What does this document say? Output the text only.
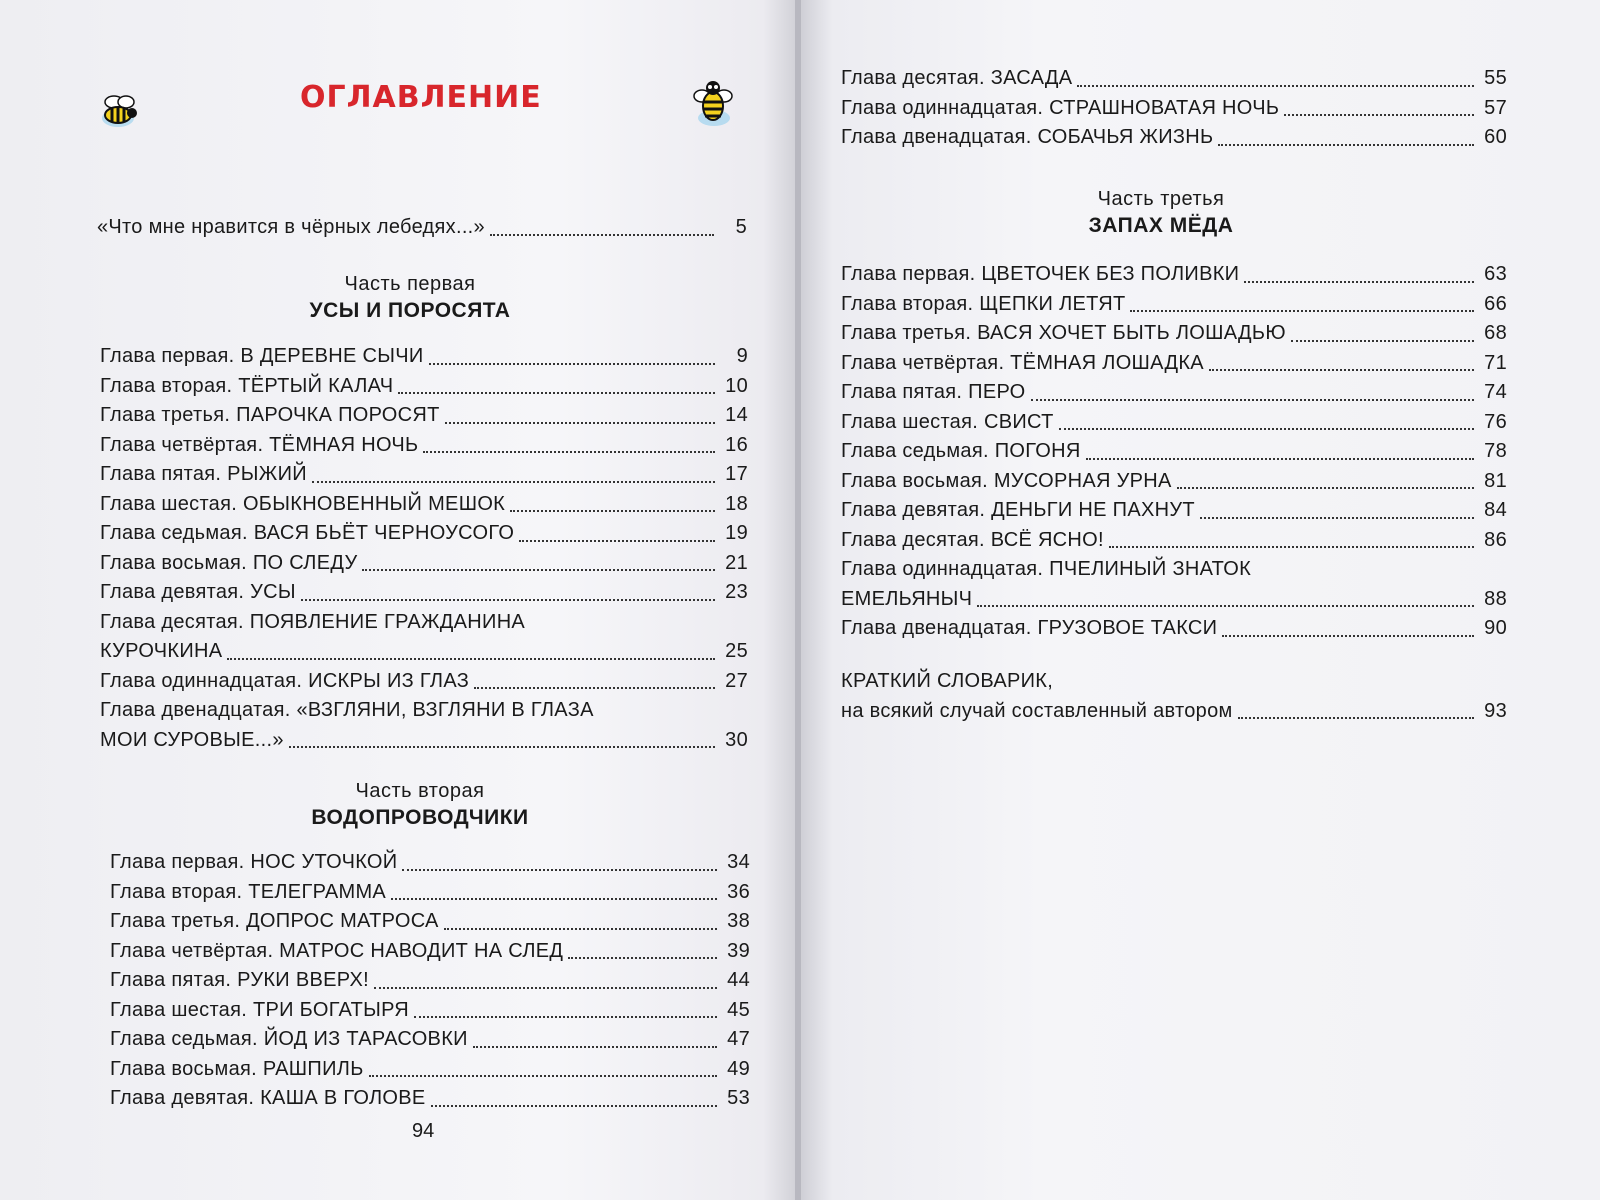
ОГЛАВЛЕНИЕ
«Что мне нравится в чёрных лебедях...»	5
Часть первая
УСЫ И ПОРОСЯТА
Глава первая. В ДЕРЕВНЕ СЫЧИ	9
Глава вторая. ТЁРТЫЙ КАЛАЧ	10
Глава третья. ПАРОЧКА ПОРОСЯТ	14
Глава четвёртая. ТЁМНАЯ НОЧЬ	16
Глава пятая. РЫЖИЙ	17
Глава шестая. ОБЫКНОВЕННЫЙ МЕШОК	18
Глава седьмая. ВАСЯ БЬЁТ ЧЕРНОУСОГО	19
Глава восьмая. ПО СЛЕДУ	21
Глава девятая. УСЫ	23
Глава десятая. ПОЯВЛЕНИЕ ГРАЖДАНИНА
КУРОЧКИНА	25
Глава одиннадцатая. ИСКРЫ ИЗ ГЛАЗ	27
Глава двенадцатая. «ВЗГЛЯНИ, ВЗГЛЯНИ В ГЛАЗА
МОИ СУРОВЫЕ...»	30
Часть вторая
ВОДОПРОВОДЧИКИ
Глава первая. НОС УТОЧКОЙ	34
Глава вторая. ТЕЛЕГРАММА	36
Глава третья. ДОПРОС МАТРОСА	38
Глава четвёртая. МАТРОС НАВОДИТ НА СЛЕД	39
Глава пятая. РУКИ ВВЕРХ!	44
Глава шестая. ТРИ БОГАТЫРЯ	45
Глава седьмая. ЙОД ИЗ ТАРАСОВКИ	47
Глава восьмая. РАШПИЛЬ	49
Глава девятая. КАША В ГОЛОВЕ	53
94
Глава десятая. ЗАСАДА	55
Глава одиннадцатая. СТРАШНОВАТАЯ НОЧЬ	57
Глава двенадцатая. СОБАЧЬЯ ЖИЗНЬ	60
Часть третья
ЗАПАХ МЁДА
Глава первая. ЦВЕТОЧЕК БЕЗ ПОЛИВКИ	63
Глава вторая. ЩЕПКИ ЛЕТЯТ	66
Глава третья. ВАСЯ ХОЧЕТ БЫТЬ ЛОШАДЬЮ	68
Глава четвёртая. ТЁМНАЯ ЛОШАДКА	71
Глава пятая. ПЕРО	74
Глава шестая. СВИСТ	76
Глава седьмая. ПОГОНЯ	78
Глава восьмая. МУСОРНАЯ УРНА	81
Глава девятая. ДЕНЬГИ НЕ ПАХНУТ	84
Глава десятая. ВСЁ ЯСНО!	86
Глава одиннадцатая. ПЧЕЛИНЫЙ ЗНАТОК
ЕМЕЛЬЯНЫЧ	88
Глава двенадцатая. ГРУЗОВОЕ ТАКСИ	90
КРАТКИЙ СЛОВАРИК,
на всякий случай составленный автором	93
